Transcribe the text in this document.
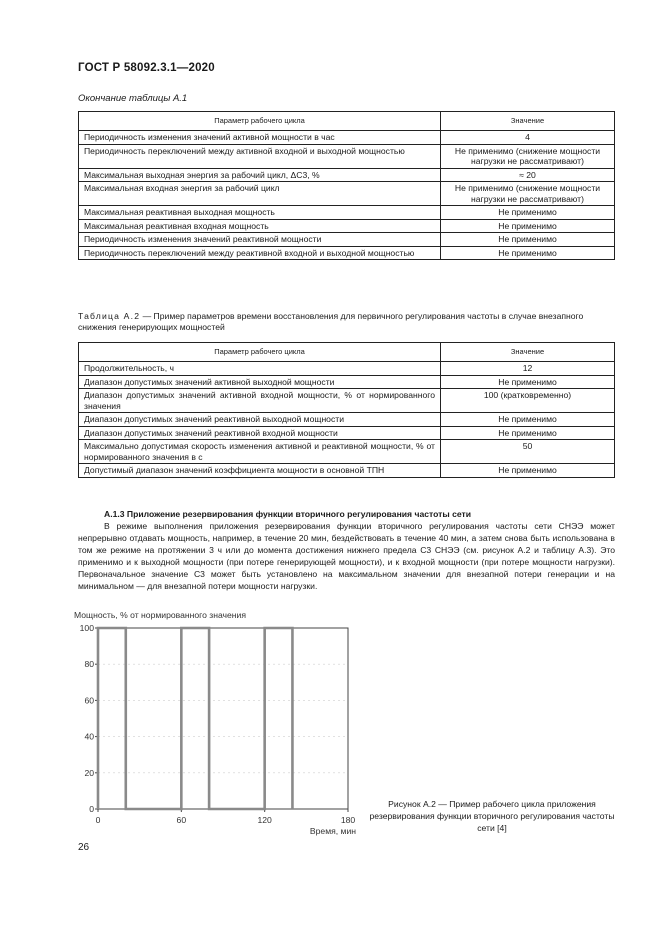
ГОСТ Р 58092.3.1—2020
Окончание таблицы А.1
Параметр рабочего цикла	Значение
Периодичность изменения значений активной мощности в час	4
Периодичность переключений между активной входной и выходной мощностью	Не применимо (снижение мощности нагрузки не рассматривают)
Максимальная выходная энергия за рабочий цикл, ΔС3, %	≈ 20
Максимальная входная энергия за рабочий цикл	Не применимо (снижение мощности нагрузки не рассматривают)
Максимальная реактивная выходная мощность	Не применимо
Максимальная реактивная входная мощность	Не применимо
Периодичность изменения значений реактивной мощности	Не применимо
Периодичность переключений между реактивной входной и выходной мощностью	Не применимо
Таблица А.2 — Пример параметров времени восстановления для первичного регулирования частоты в случае внезапного снижения генерирующих мощностей
Параметр рабочего цикла	Значение
Продолжительность, ч	12
Диапазон допустимых значений активной выходной мощности	Не применимо
Диапазон допустимых значений активной входной мощности, % от нормированного значения	100 (кратковременно)
Диапазон допустимых значений реактивной выходной мощности	Не применимо
Диапазон допустимых значений реактивной входной мощности	Не применимо
Максимально допустимая скорость изменения активной и реактивной мощности, % от нормированного значения в с	50
Допустимый диапазон значений коэффициента мощности в основной ТПН	Не применимо

А.1.3 Приложение резервирования функции вторичного регулирования частоты сети

В режиме выполнения приложения резервирования функции вторичного регулирования частоты сети СНЭЭ может непрерывно отдавать мощность, например, в течение 20 мин, бездействовать в течение 40 мин, а затем снова быть использована в том же режиме на протяжении 3 ч или до момента достижения нижнего предела С3 СНЭЭ (см. рисунок А.2 и таблицу А.3). Это применимо и к выходной мощности (при потере генерирующей мощности), и к входной мощности (при потере мощности нагрузки). Первоначальное значение С3 может быть установлено на максимальном значении для внезапной потери генерации и на минимальном — для внезапной потери мощности нагрузки.

Мощность, % от нормированного значения
0
20
40
60
80
100
0	60	120	180
Время, мин
Рисунок А.2 — Пример рабочего цикла приложения резервирования функции вторичного регулирования частоты сети [4]
26
